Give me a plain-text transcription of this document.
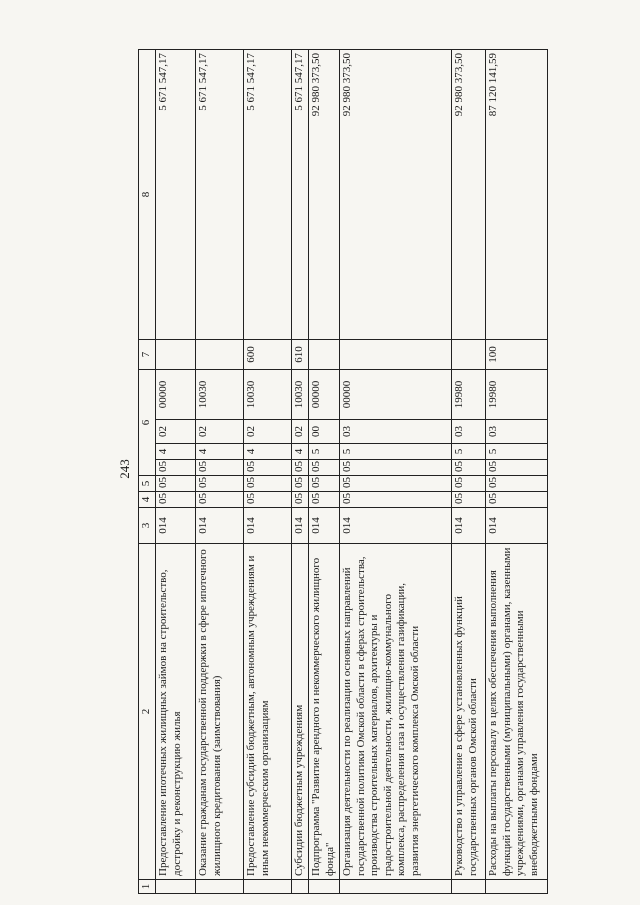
243
1	2	3	4	5	6				7	8
	Предоставление ипотечных жилищных займов на строительство, достройку и реконструкцию жилья	014	05	05	05	4	02	00000		5 671 547,17
	Оказание гражданам государственной поддержки в сфере ипотечного жилищного кредитования (заимствования)	014	05	05	05	4	02	10030		5 671 547,17
	Предоставление субсидий бюджетным, автономным учреждениям и иным некоммерческим организациям	014	05	05	05	4	02	10030	600	5 671 547,17
	Субсидии бюджетным учреждениям	014	05	05	05	4	02	10030	610	5 671 547,17
	Подпрограмма "Развитие арендного и некоммерческого жилищного фонда"	014	05	05	05	5	00	00000		92 980 373,50
	Организация деятельности по реализации основных направлений государственной политики Омской области в сферах строительства, производства строительных материалов, архитектуры и градостроительной деятельности, жилищно-коммунального комплекса, распределения газа и осуществления газификации, развития энергетического комплекса Омской области	014	05	05	05	5	03	00000		92 980 373,50
	Руководство и управление в сфере установленных функций государственных органов Омской области	014	05	05	05	5	03	19980		92 980 373,50
	Расходы на выплаты персоналу в целях обеспечения выполнения функций государственными (муниципальными) органами, казенными учреждениями, органами управления государственными внебюджетными фондами	014	05	05	05	5	03	19980	100	87 120 141,59
